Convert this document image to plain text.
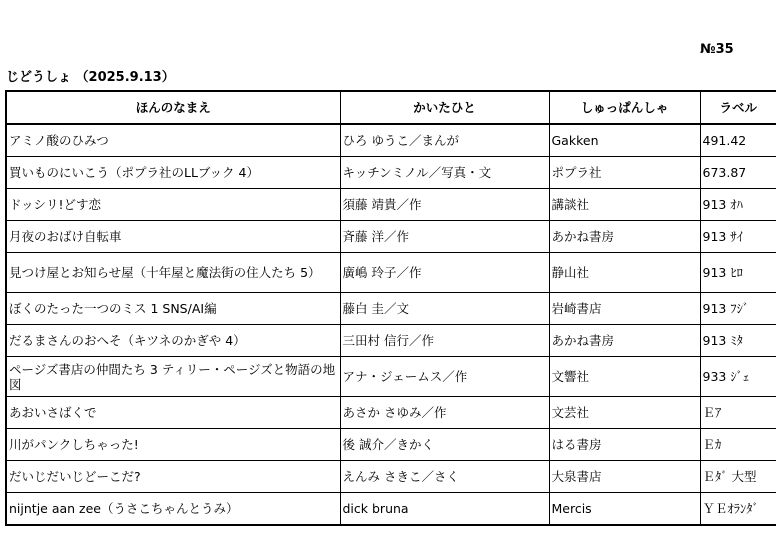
№35
じどうしょ （2025.9.13）
ほんのなまえ	かいたひと	しゅっぱんしゃ	ラベル
アミノ酸のひみつ	ひろ ゆうこ／まんが	Gakken	491.42
買いものにいこう（ポプラ社のLLブック 4）	キッチンミノル／写真・文	ポプラ社	673.87
ドッシリ!どす恋	須藤 靖貴／作	講談社	913 ｵﾊ
月夜のおばけ自転車	斉藤 洋／作	あかね書房	913 ｻｲ
見つけ屋とお知らせ屋（十年屋と魔法街の住人たち 5）	廣嶋 玲子／作	静山社	913 ﾋﾛ
ぼくのたった一つのミス 1 SNS/AI編	藤白 圭／文	岩崎書店	913 ﾌｼﾞ
だるまさんのおへそ（キツネのかぎや 4）	三田村 信行／作	あかね書房	913 ﾐﾀ
ページズ書店の仲間たち 3 ティリー・ページズと物語の地図	アナ・ジェームス／作	文響社	933 ｼﾞｪ
あおいさばくで	あさか さゆみ／作	文芸社	Ｅｱ
川がパンクしちゃった!	後 誠介／きかく	はる書房	Ｅｶ
だいじだいじどーこだ?	えんみ さきこ／さく	大泉書店	Ｅﾀﾞ 大型
nijntje aan zee（うさこちゃんとうみ）	dick bruna	Mercis	ＹＥｵﾗﾝﾀﾞ
